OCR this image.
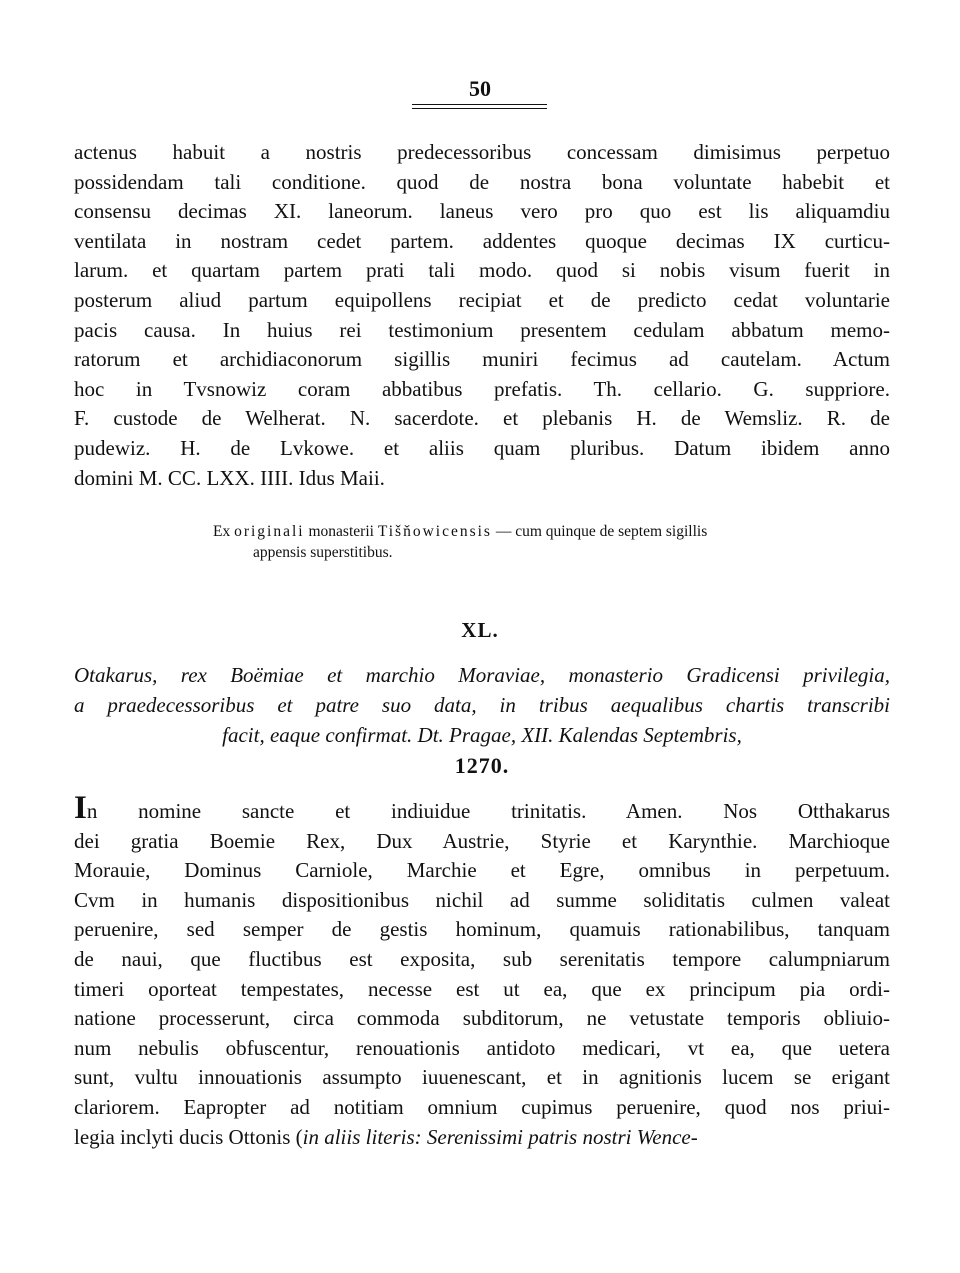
50
actenus habuit a nostris predecessoribus concessam dimisimus perpetuo
possidendam tali conditione. quod de nostra bona voluntate habebit et
consensu decimas XI. laneorum. laneus vero pro quo est lis aliquamdiu
ventilata in nostram cedet partem. addentes quoque decimas IX curticu-
larum. et quartam partem prati tali modo. quod si nobis visum fuerit in
posterum aliud partum equipollens recipiat et de predicto cedat voluntarie
pacis causa. In huius rei testimonium presentem cedulam abbatum memo-
ratorum et archidiaconorum sigillis muniri fecimus ad cautelam. Actum
hoc in Tvsnowiz coram abbatibus prefatis. Th. cellario. G. suppriore.
F. custode de Welherat. N. sacerdote. et plebanis H. de Wemsliz. R. de
pudewiz. H. de Lvkowe. et aliis quam pluribus. Datum ibidem anno
domini M. CC. LXX. IIII. Idus Maii.
Ex originali monasterii Tišňowicensis — cum quinque de septem sigillis
appensis superstitibus.
XL.
Otakarus, rex Boëmiae et marchio Moraviae, monasterio Gradicensi privilegia,
a praedecessoribus et patre suo data, in tribus aequalibus chartis transcribi
facit, eaque confirmat. Dt. Pragae, XII. Kalendas Septembris,
1270.
In nomine sancte et indiuidue trinitatis. Amen. Nos Otthakarus
dei gratia Boemie Rex, Dux Austrie, Styrie et Karynthie. Marchioque
Morauie, Dominus Carniole, Marchie et Egre, omnibus in perpetuum.
Cvm in humanis dispositionibus nichil ad summe soliditatis culmen valeat
peruenire, sed semper de gestis hominum, quamuis rationabilibus, tanquam
de naui, que fluctibus est exposita, sub serenitatis tempore calumpniarum
timeri oporteat tempestates, necesse est ut ea, que ex principum pia ordi-
natione processerunt, circa commoda subditorum, ne vetustate temporis obliuio-
num nebulis obfuscentur, renouationis antidoto medicari, vt ea, que uetera
sunt, vultu innouationis assumpto iuuenescant, et in agnitionis lucem se erigant
clariorem. Eapropter ad notitiam omnium cupimus peruenire, quod nos priui-
legia inclyti ducis Ottonis (in aliis literis: Serenissimi patris nostri Wence-
